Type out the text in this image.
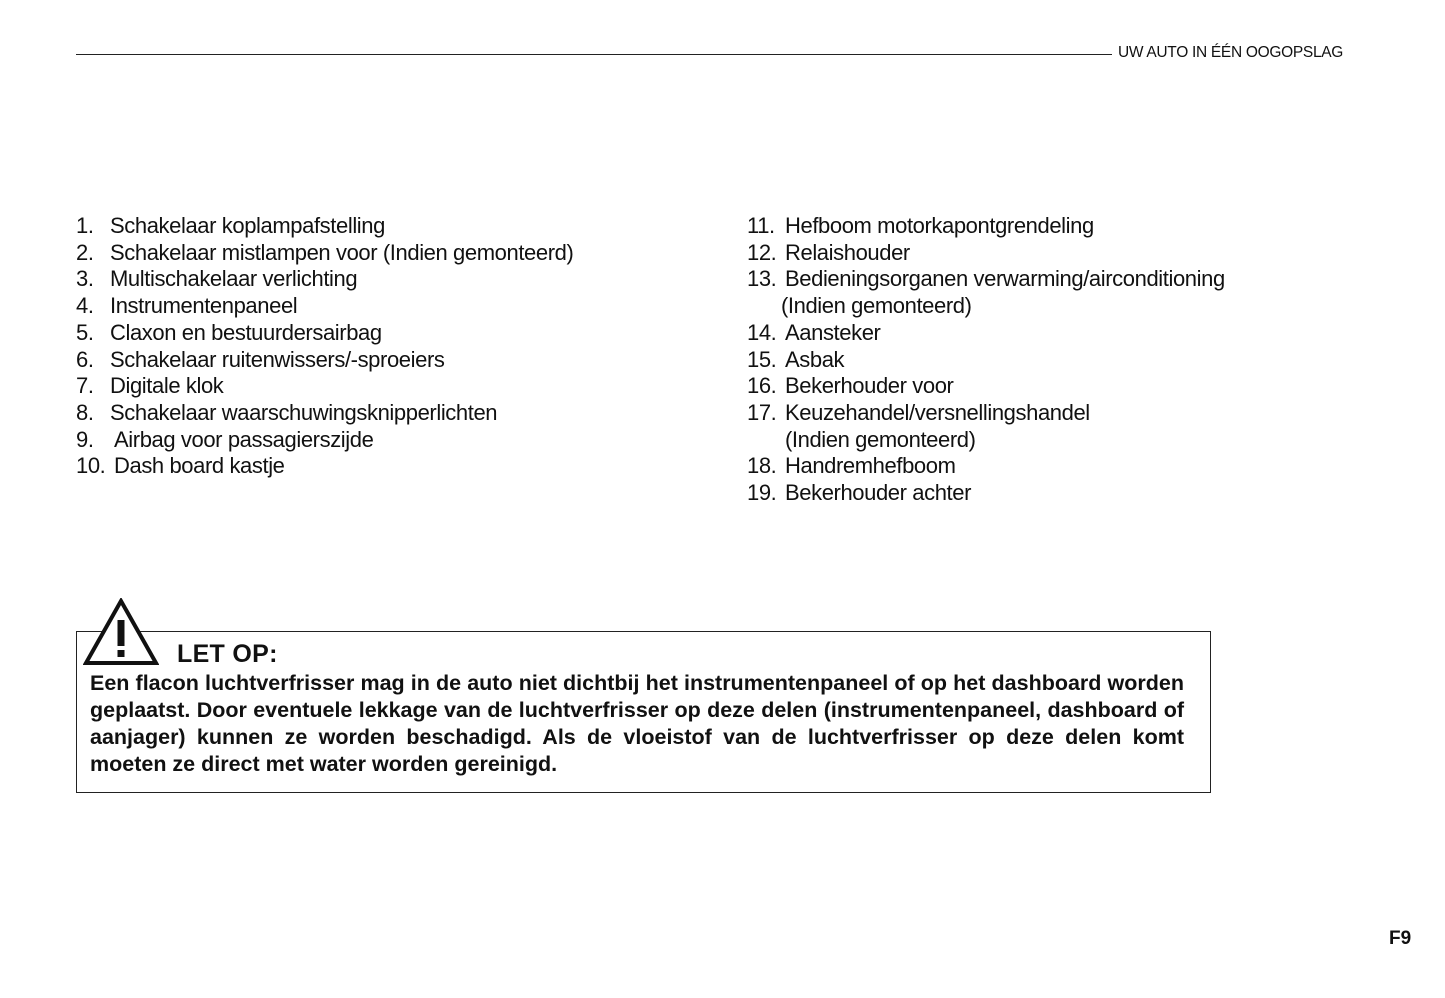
UW AUTO IN ÉÉN OOGOPSLAG
1. Schakelaar koplampafstelling
2. Schakelaar mistlampen voor (Indien gemonteerd)
3. Multischakelaar verlichting
4. Instrumentenpaneel
5. Claxon en bestuurdersairbag
6. Schakelaar ruitenwissers/-sproeiers
7. Digitale klok
8. Schakelaar waarschuwingsknipperlichten
9. Airbag voor passagierszijde
10. Dash board kastje
11. Hefboom motorkapontgrendeling
12. Relaishouder
13. Bedieningsorganen verwarming/airconditioning
(Indien gemonteerd)
14. Aansteker
15. Asbak
16. Bekerhouder voor
17. Keuzehandel/versnellingshandel
(Indien gemonteerd)
18. Handremhefboom
19. Bekerhouder achter
LET OP:

Een flacon luchtverfrisser mag in de auto niet dichtbij het instrumentenpaneel of op het dashboard worden geplaatst. Door eventuele lekkage van de luchtverfrisser op deze delen (instrumentenpaneel, dashboard of aanjager) kunnen ze worden beschadigd. Als de vloeistof van de luchtverfrisser op deze delen komt moeten ze direct met water worden gereinigd.

F9
